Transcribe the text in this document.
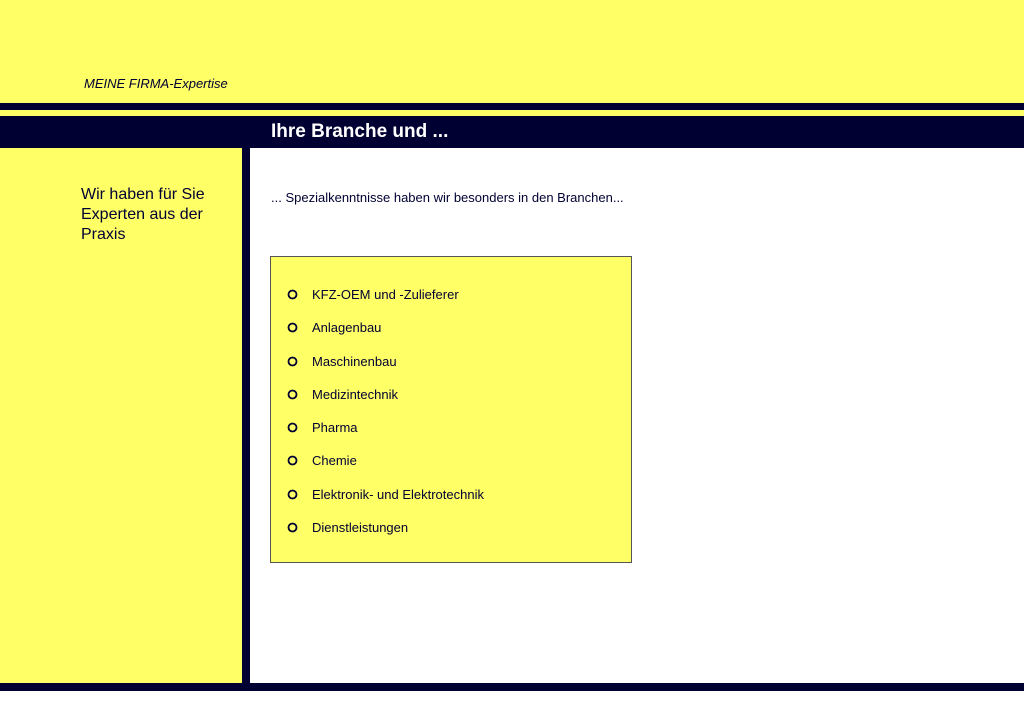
MEINE FIRMA-Expertise
Ihre Branche und ...
Wir haben für Sie Experten aus der Praxis
... Spezialkenntnisse haben wir besonders in den Branchen...
KFZ-OEM und -Zulieferer
Anlagenbau
Maschinenbau
Medizintechnik
Pharma
Chemie
Elektronik- und Elektrotechnik
Dienstleistungen
